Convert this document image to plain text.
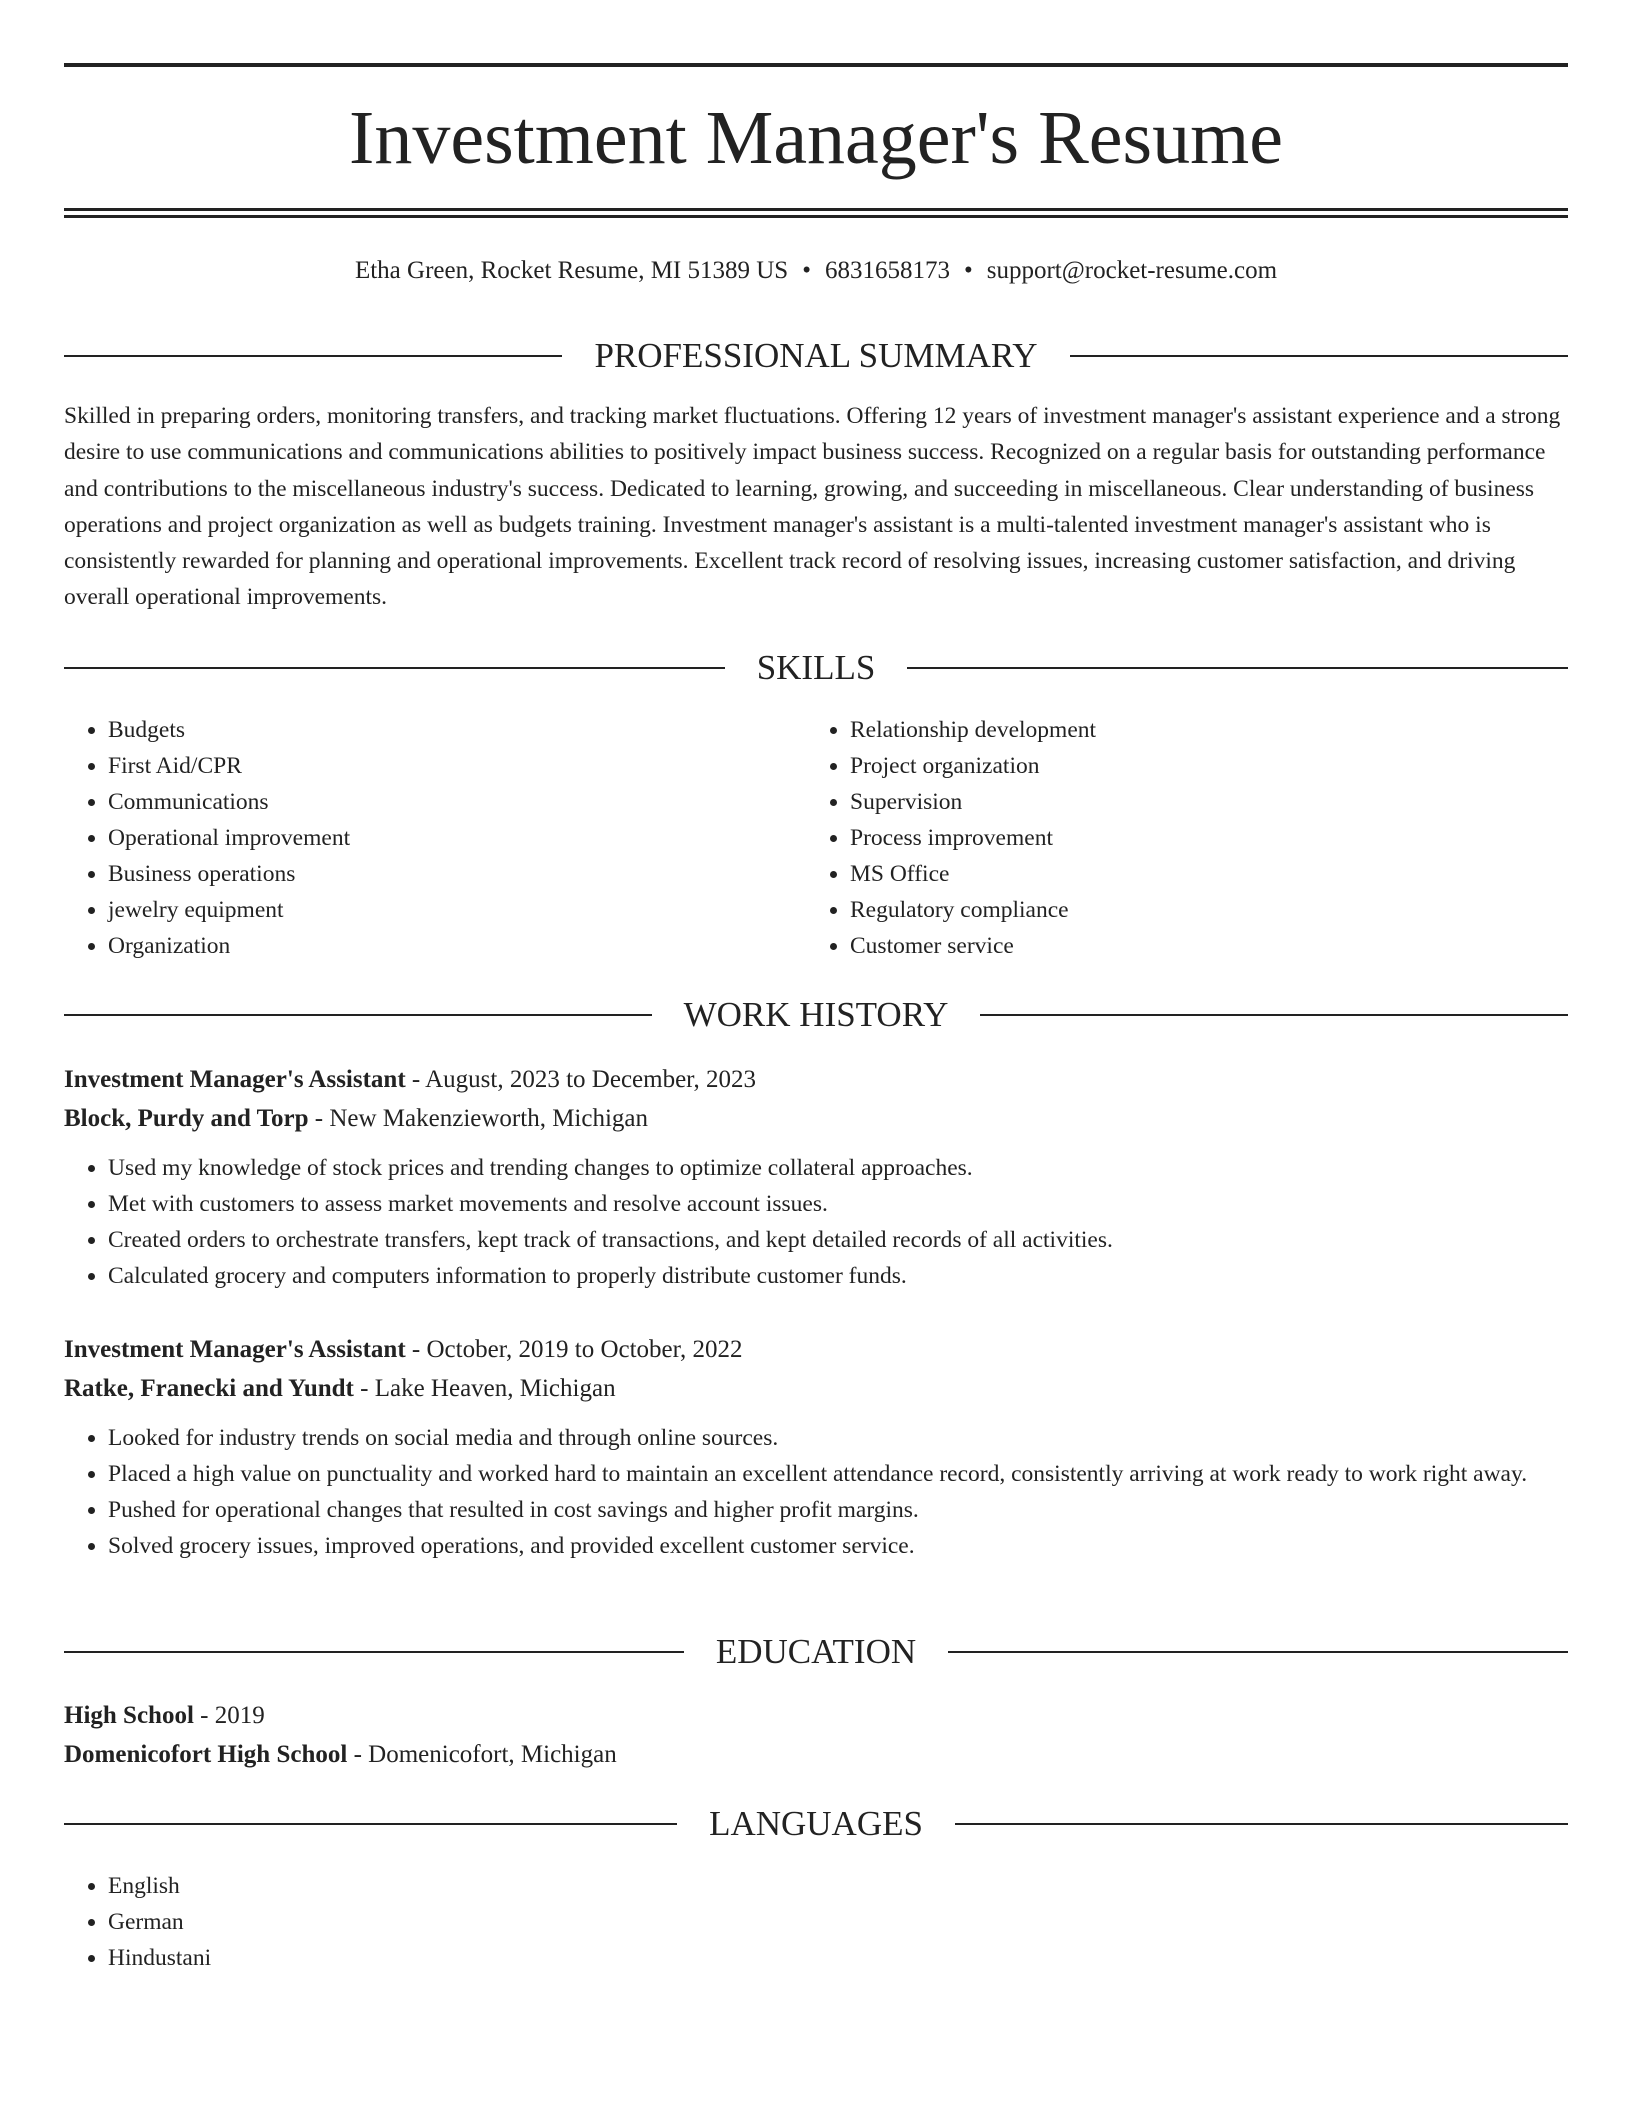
Investment Manager's Resume
Etha Green, Rocket Resume, MI 51389 US • 6831658173 • support@rocket-resume.com
PROFESSIONAL SUMMARY

Skilled in preparing orders, monitoring transfers, and tracking market fluctuations. Offering 12 years of investment manager's assistant experience and a strong desire to use communications and communications abilities to positively impact business success. Recognized on a regular basis for outstanding performance and contributions to the miscellaneous industry's success. Dedicated to learning, growing, and succeeding in miscellaneous. Clear understanding of business operations and project organization as well as budgets training. Investment manager's assistant is a multi-talented investment manager's assistant who is consistently rewarded for planning and operational improvements. Excellent track record of resolving issues, increasing customer satisfaction, and driving overall operational improvements.

SKILLS
• Budgets
• First Aid/CPR
• Communications
• Operational improvement
• Business operations
• jewelry equipment
• Organization
• Relationship development
• Project organization
• Supervision
• Process improvement
• MS Office
• Regulatory compliance
• Customer service
WORK HISTORY
Investment Manager's Assistant - August, 2023 to December, 2023
Block, Purdy and Torp - New Makenzieworth, Michigan
• Used my knowledge of stock prices and trending changes to optimize collateral approaches.
• Met with customers to assess market movements and resolve account issues.
• Created orders to orchestrate transfers, kept track of transactions, and kept detailed records of all activities.
• Calculated grocery and computers information to properly distribute customer funds.
Investment Manager's Assistant - October, 2019 to October, 2022
Ratke, Franecki and Yundt - Lake Heaven, Michigan
• Looked for industry trends on social media and through online sources.
• Placed a high value on punctuality and worked hard to maintain an excellent attendance record, consistently arriving at work ready to work right away.
• Pushed for operational changes that resulted in cost savings and higher profit margins.
• Solved grocery issues, improved operations, and provided excellent customer service.
EDUCATION
High School - 2019
Domenicofort High School - Domenicofort, Michigan
LANGUAGES
• English
• German
• Hindustani
